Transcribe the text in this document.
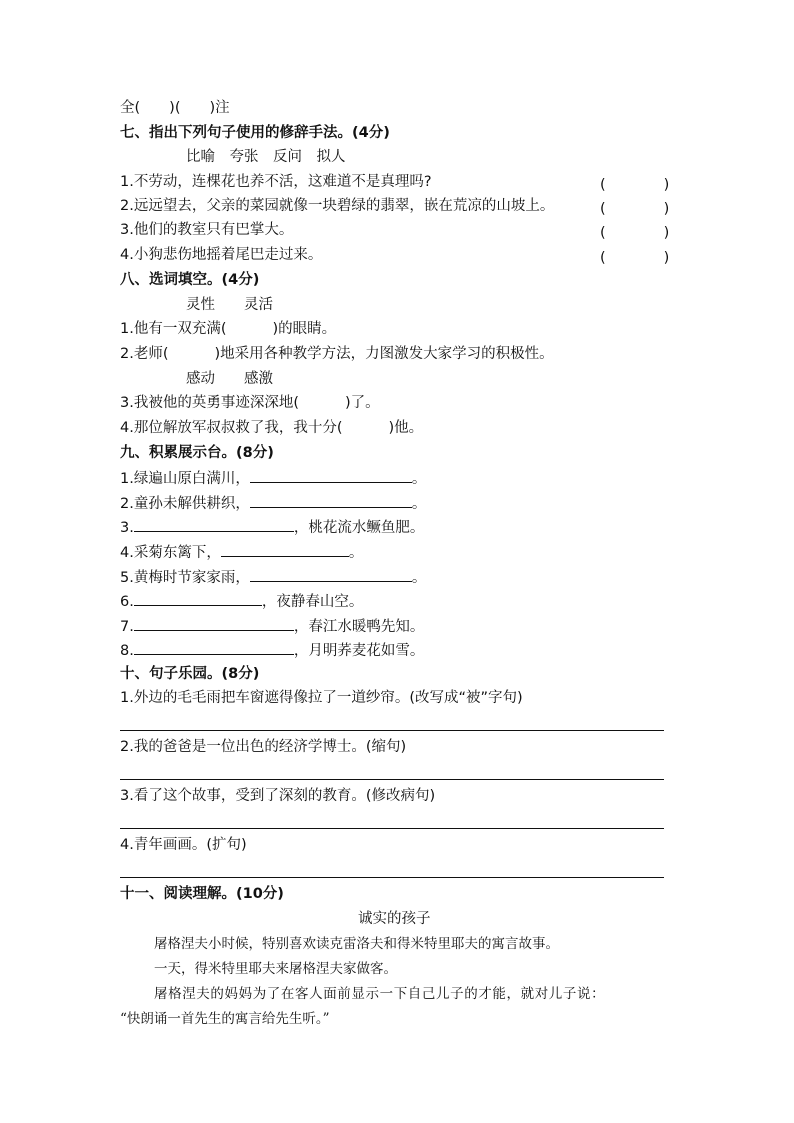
全(　　)(　　)注
七、指出下列句子使用的修辞手法。(4分)
比喻　夸张　反问　拟人
1.不劳动，连棵花也养不活，这难道不是真理吗?	(　　　　)
2.远远望去，父亲的菜园就像一块碧绿的翡翠，嵌在荒凉的山坡上。	(　　　　)
3.他们的教室只有巴掌大。	(　　　　)
4.小狗悲伤地摇着尾巴走过来。	(　　　　)
八、选词填空。(4分)
灵性　　灵活
1.他有一双充满(	)的眼睛。
2.老师(	)地采用各种教学方法，力图激发大家学习的积极性。
感动　　感激
3.我被他的英勇事迹深深地(	)了。
4.那位解放军叔叔救了我，我十分(	)他。
九、积累展示台。(8分)
1.绿遍山原白满川，	。
2.童孙未解供耕织，	。
3.	，桃花流水鳜鱼肥。
4.采菊东篱下，	。
5.黄梅时节家家雨，	。
6.	，夜静春山空。
7.	，春江水暖鸭先知。
8.	，月明荞麦花如雪。
十、句子乐园。(8分)
1.外边的毛毛雨把车窗遮得像拉了一道纱帘。(改写成“被”字句)
2.我的爸爸是一位出色的经济学博士。(缩句)
3.看了这个故事，受到了深刻的教育。(修改病句)
4.青年画画。(扩句)
十一、阅读理解。(10分)
诚实的孩子
屠格涅夫小时候，特别喜欢读克雷洛夫和得米特里耶夫的寓言故事。
一天，得米特里耶夫来屠格涅夫家做客。
屠格涅夫的妈妈为了在客人面前显示一下自己儿子的才能，就对儿子说：
“快朗诵一首先生的寓言给先生听。”
